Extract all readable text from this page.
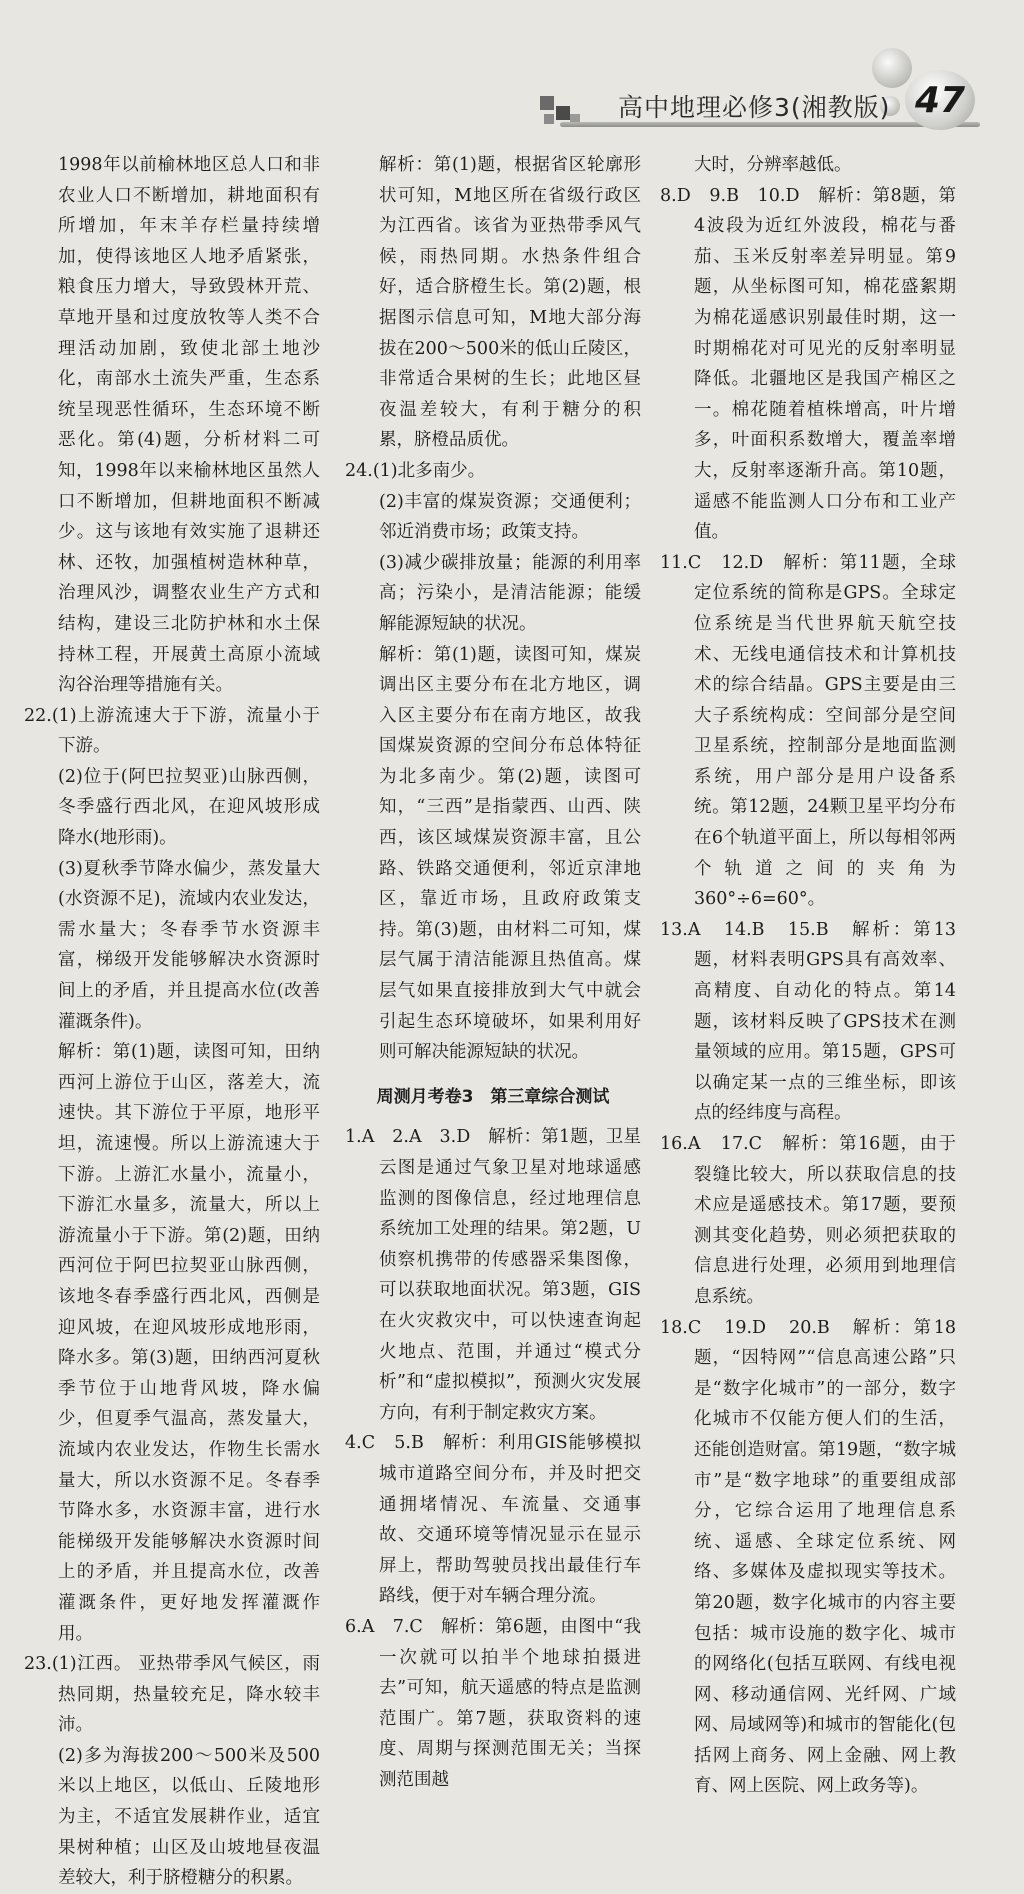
高中地理必修3(湘教版) 47

1998年以前榆林地区总人口和非农业人口不断增加，耕地面积有所增加，年末羊存栏量持续增加，使得该地区人地矛盾紧张，粮食压力增大，导致毁林开荒、草地开垦和过度放牧等人类不合理活动加剧，致使北部土地沙化，南部水土流失严重，生态系统呈现恶性循环，生态环境不断恶化。第(4)题，分析材料二可知，1998年以来榆林地区虽然人口不断增加，但耕地面积不断减少。这与该地有效实施了退耕还林、还牧，加强植树造林种草，治理风沙，调整农业生产方式和结构，建设三北防护林和水土保持林工程，开展黄土高原小流域沟谷治理等措施有关。

22.(1)上游流速大于下游，流量小于下游。

(2)位于(阿巴拉契亚)山脉西侧，冬季盛行西北风，在迎风坡形成降水(地形雨)。

(3)夏秋季节降水偏少，蒸发量大(水资源不足)，流域内农业发达，需水量大；冬春季节水资源丰富，梯级开发能够解决水资源时间上的矛盾，并且提高水位(改善灌溉条件)。

解析：第(1)题，读图可知，田纳西河上游位于山区，落差大，流速快。其下游位于平原，地形平坦，流速慢。所以上游流速大于下游。上游汇水量小，流量小，下游汇水量多，流量大，所以上游流量小于下游。第(2)题，田纳西河位于阿巴拉契亚山脉西侧，该地冬春季盛行西北风，西侧是迎风坡，在迎风坡形成地形雨，降水多。第(3)题，田纳西河夏秋季节位于山地背风坡，降水偏少，但夏季气温高，蒸发量大，流域内农业发达，作物生长需水量大，所以水资源不足。冬春季节降水多，水资源丰富，进行水能梯级开发能够解决水资源时间上的矛盾，并且提高水位，改善灌溉条件，更好地发挥灌溉作用。

23.(1)江西。 亚热带季风气候区，雨热同期，热量较充足，降水较丰沛。

(2)多为海拔200～500米及500米以上地区，以低山、丘陵地形为主，不适宜发展耕作业，适宜果树种植；山区及山坡地昼夜温差较大，利于脐橙糖分的积累。

解析：第(1)题，根据省区轮廓形状可知，M地区所在省级行政区为江西省。该省为亚热带季风气候，雨热同期。水热条件组合好，适合脐橙生长。第(2)题，根据图示信息可知，M地大部分海拔在200～500米的低山丘陵区，非常适合果树的生长；此地区昼夜温差较大，有利于糖分的积累，脐橙品质优。

24.(1)北多南少。

(2)丰富的煤炭资源；交通便利；邻近消费市场；政策支持。

(3)减少碳排放量；能源的利用率高；污染小，是清洁能源；能缓解能源短缺的状况。

解析：第(1)题，读图可知，煤炭调出区主要分布在北方地区，调入区主要分布在南方地区，故我国煤炭资源的空间分布总体特征为北多南少。第(2)题，读图可知，“三西”是指蒙西、山西、陕西，该区域煤炭资源丰富，且公路、铁路交通便利，邻近京津地区，靠近市场，且政府政策支持。第(3)题，由材料二可知，煤层气属于清洁能源且热值高。煤层气如果直接排放到大气中就会引起生态环境破坏，如果利用好则可解决能源短缺的状况。

周测月考卷3　第三章综合测试

1.A　2.A　3.D　解析：第1题，卫星云图是通过气象卫星对地球遥感监测的图像信息，经过地理信息系统加工处理的结果。第2题，U侦察机携带的传感器采集图像，可以获取地面状况。第3题，GIS在火灾救灾中，可以快速查询起火地点、范围，并通过“模式分析”和“虚拟模拟”，预测火灾发展方向，有利于制定救灾方案。

4.C　5.B　解析：利用GIS能够模拟城市道路空间分布，并及时把交通拥堵情况、车流量、交通事故、交通环境等情况显示在显示屏上，帮助驾驶员找出最佳行车路线，便于对车辆合理分流。

6.A　7.C　解析：第6题，由图中“我一次就可以拍半个地球拍摄进去”可知，航天遥感的特点是监测范围广。第7题，获取资料的速度、周期与探测范围无关；当探测范围越

大时，分辨率越低。

8.D　9.B　10.D　解析：第8题，第4波段为近红外波段，棉花与番茄、玉米反射率差异明显。第9题，从坐标图可知，棉花盛絮期为棉花遥感识别最佳时期，这一时期棉花对可见光的反射率明显降低。北疆地区是我国产棉区之一。棉花随着植株增高，叶片增多，叶面积系数增大，覆盖率增大，反射率逐渐升高。第10题，遥感不能监测人口分布和工业产值。

11.C　12.D　解析：第11题，全球定位系统的简称是GPS。全球定位系统是当代世界航天航空技术、无线电通信技术和计算机技术的综合结晶。GPS主要是由三大子系统构成：空间部分是空间卫星系统，控制部分是地面监测系统，用户部分是用户设备系统。第12题，24颗卫星平均分布在6个轨道平面上，所以每相邻两个轨道之间的夹角为360°÷6=60°。

13.A　14.B　15.B　解析：第13题，材料表明GPS具有高效率、高精度、自动化的特点。第14题，该材料反映了GPS技术在测量领域的应用。第15题，GPS可以确定某一点的三维坐标，即该点的经纬度与高程。

16.A　17.C　解析：第16题，由于裂缝比较大，所以获取信息的技术应是遥感技术。第17题，要预测其变化趋势，则必须把获取的信息进行处理，必须用到地理信息系统。

18.C　19.D　20.B　解析：第18题，“因特网”“信息高速公路”只是“数字化城市”的一部分，数字化城市不仅能方便人们的生活，还能创造财富。第19题，“数字城市”是“数字地球”的重要组成部分，它综合运用了地理信息系统、遥感、全球定位系统、网络、多媒体及虚拟现实等技术。第20题，数字化城市的内容主要包括：城市设施的数字化、城市的网络化(包括互联网、有线电视网、移动通信网、光纤网、广域网、局域网等)和城市的智能化(包括网上商务、网上金融、网上教育、网上医院、网上政务等)。
